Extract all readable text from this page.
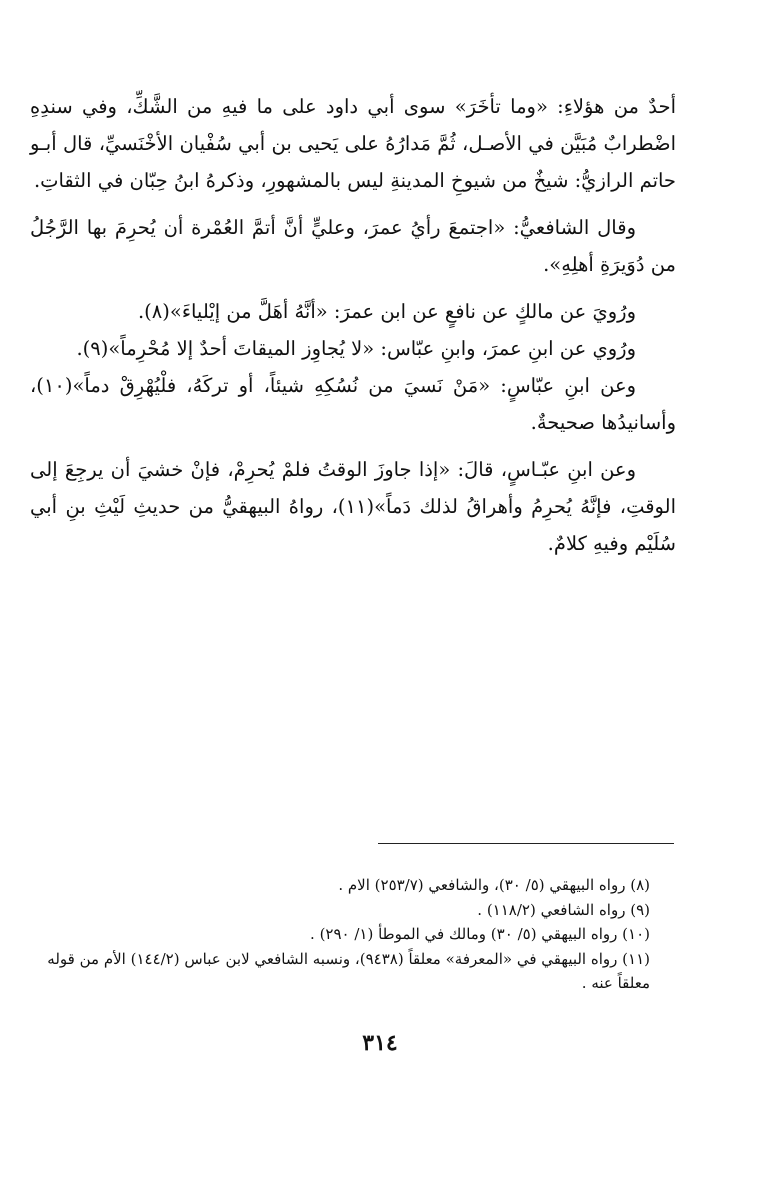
أحدٌ من هؤلاءِ: «وما تأخَرَ» سوى أبي داود على ما فيهِ من الشَّكِّ، وفي سندِهِ اضْطرابٌ مُبَيَّن في الأصـل، ثُمَّ مَدارُهُ على يَحيى بن أبي سُفْيان الأخْنَسيِّ، قال أبـو حاتم الرازيُّ: شيخٌ من شيوخِ المدينةِ ليس بالمشهورِ، وذكرهُ ابنُ حِبّان في الثقاتِ.

وقال الشافعيُّ: «اجتمعَ رأيُ عمرَ، وعليٍّ أنَّ أتمَّ العُمْرة أن يُحرِمَ بها الرَّجُلُ من دُوَيرَةِ أهلِهِ».

ورُويَ عن مالكٍ عن نافعٍ عن ابن عمرَ: «أنَّهُ أهَلَّ من إيْلياءَ»(٨).

ورُوي عن ابنِ عمرَ، وابنِ عبّاس: «لا يُجاوِز الميقاتَ أحدٌ إلا مُحْرِماً»(٩).

وعن ابنِ عبّاسٍ: «مَنْ نَسيَ من نُسُكِهِ شيئاً، أو تركَهُ، فلْيُهْرِقْ دماً»(١٠)، وأسانيدُها صحيحةٌ.

وعن ابنِ عبّـاسٍ، قالَ: «إذا جاوزَ الوقتُ فلمْ يُحرِمْ، فإنْ خشيَ أن يرجِعَ إلى الوقتِ، فإنَّهُ يُحرِمُ وأهراقُ لذلك دَماً»(١١)، رواهُ البيهقيُّ من حديثِ لَيْثِ بنِ أبي سُلَيْم وفيهِ كلامٌ.

(٨) رواه البيهقي (٥/ ٣٠)، والشافعي (٢٥٣/٧) الام .
(٩) رواه الشافعي (١١٨/٢) .
(١٠) رواه البيهقي (٥/ ٣٠) ومالك في الموطأ (١/ ٢٩٠) .
(١١) رواه البيهقي في «المعرفة» معلقاً (٩٤٣٨)، ونسبه الشافعي لابن عباس (١٤٤/٢) الأم من قوله معلقاً عنه .
٣١٤
